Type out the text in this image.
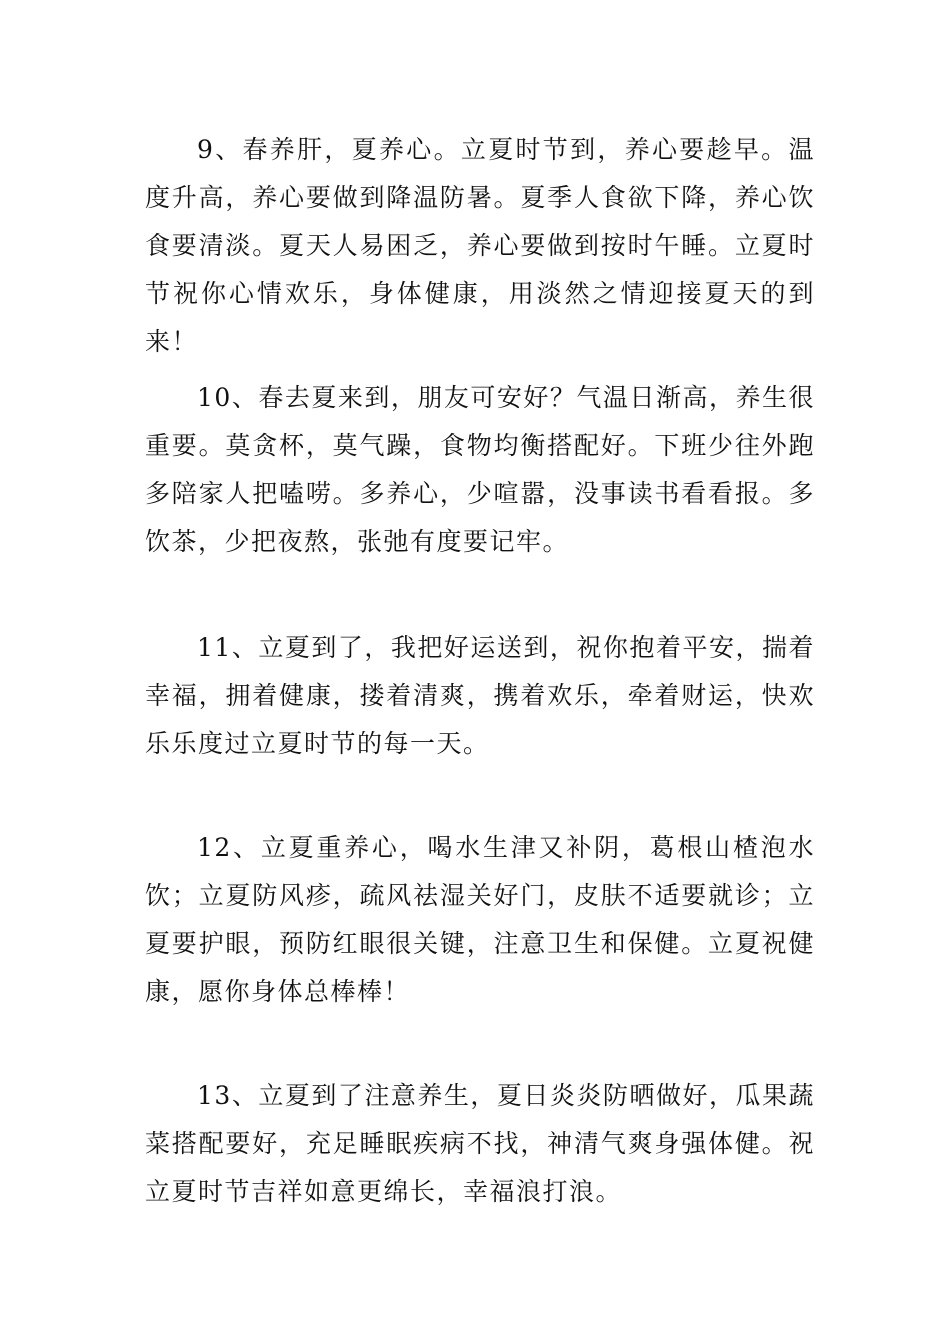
9、春养肝，夏养心。立夏时节到，养心要趁早。温度升高，养心要做到降温防暑。夏季人食欲下降，养心饮食要清淡。夏天人易困乏，养心要做到按时午睡。立夏时节祝你心情欢乐，身体健康，用淡然之情迎接夏天的到来！

10、春去夏来到，朋友可安好？气温日渐高，养生很重要。莫贪杯，莫气躁，食物均衡搭配好。下班少往外跑多陪家人把嗑唠。多养心，少喧嚣，没事读书看看报。多饮茶，少把夜熬，张弛有度要记牢。

11、立夏到了，我把好运送到，祝你抱着平安，揣着幸福，拥着健康，搂着清爽，携着欢乐，牵着财运，快欢乐乐度过立夏时节的每一天。

12、立夏重养心，喝水生津又补阴，葛根山楂泡水饮；立夏防风疹，疏风祛湿关好门，皮肤不适要就诊；立夏要护眼，预防红眼很关键，注意卫生和保健。立夏祝健康，愿你身体总棒棒！

13、立夏到了注意养生，夏日炎炎防晒做好，瓜果蔬菜搭配要好，充足睡眠疾病不找，神清气爽身强体健。祝立夏时节吉祥如意更绵长，幸福浪打浪。
